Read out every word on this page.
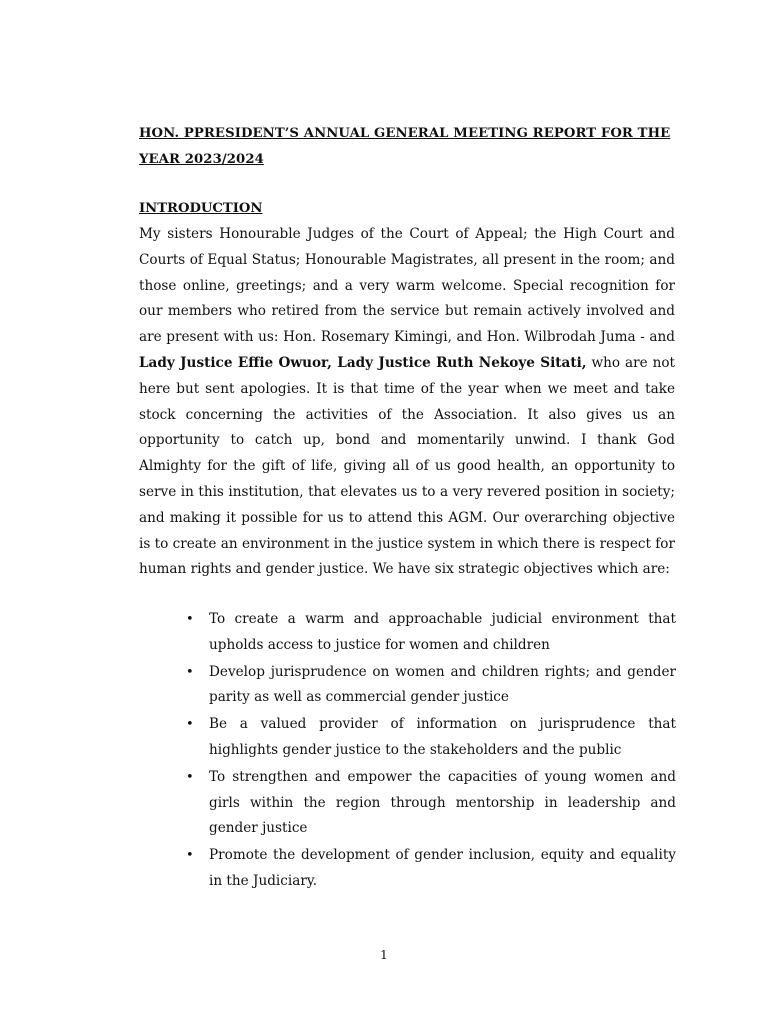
HON. PPRESIDENT’S ANNUAL GENERAL MEETING REPORT FOR THE YEAR 2023/2024
INTRODUCTION
My sisters Honourable Judges of the Court of Appeal; the High Court and Courts of Equal Status; Honourable Magistrates, all present in the room; and those online, greetings; and a very warm welcome. Special recognition for our members who retired from the service but remain actively involved and are present with us: Hon. Rosemary Kimingi, and Hon. Wilbrodah Juma - and Lady Justice Effie Owuor, Lady Justice Ruth Nekoye Sitati, who are not here but sent apologies. It is that time of the year when we meet and take stock concerning the activities of the Association. It also gives us an opportunity to catch up, bond and momentarily unwind. I thank God Almighty for the gift of life, giving all of us good health, an opportunity to serve in this institution, that elevates us to a very revered position in society; and making it possible for us to attend this AGM. Our overarching objective is to create an environment in the justice system in which there is respect for human rights and gender justice. We have six strategic objectives which are:
• To create a warm and approachable judicial environment that upholds access to justice for women and children
• Develop jurisprudence on women and children rights; and gender parity as well as commercial gender justice
• Be a valued provider of information on jurisprudence that highlights gender justice to the stakeholders and the public
• To strengthen and empower the capacities of young women and girls within the region through mentorship in leadership and gender justice
• Promote the development of gender inclusion, equity and equality in the Judiciary.
1
